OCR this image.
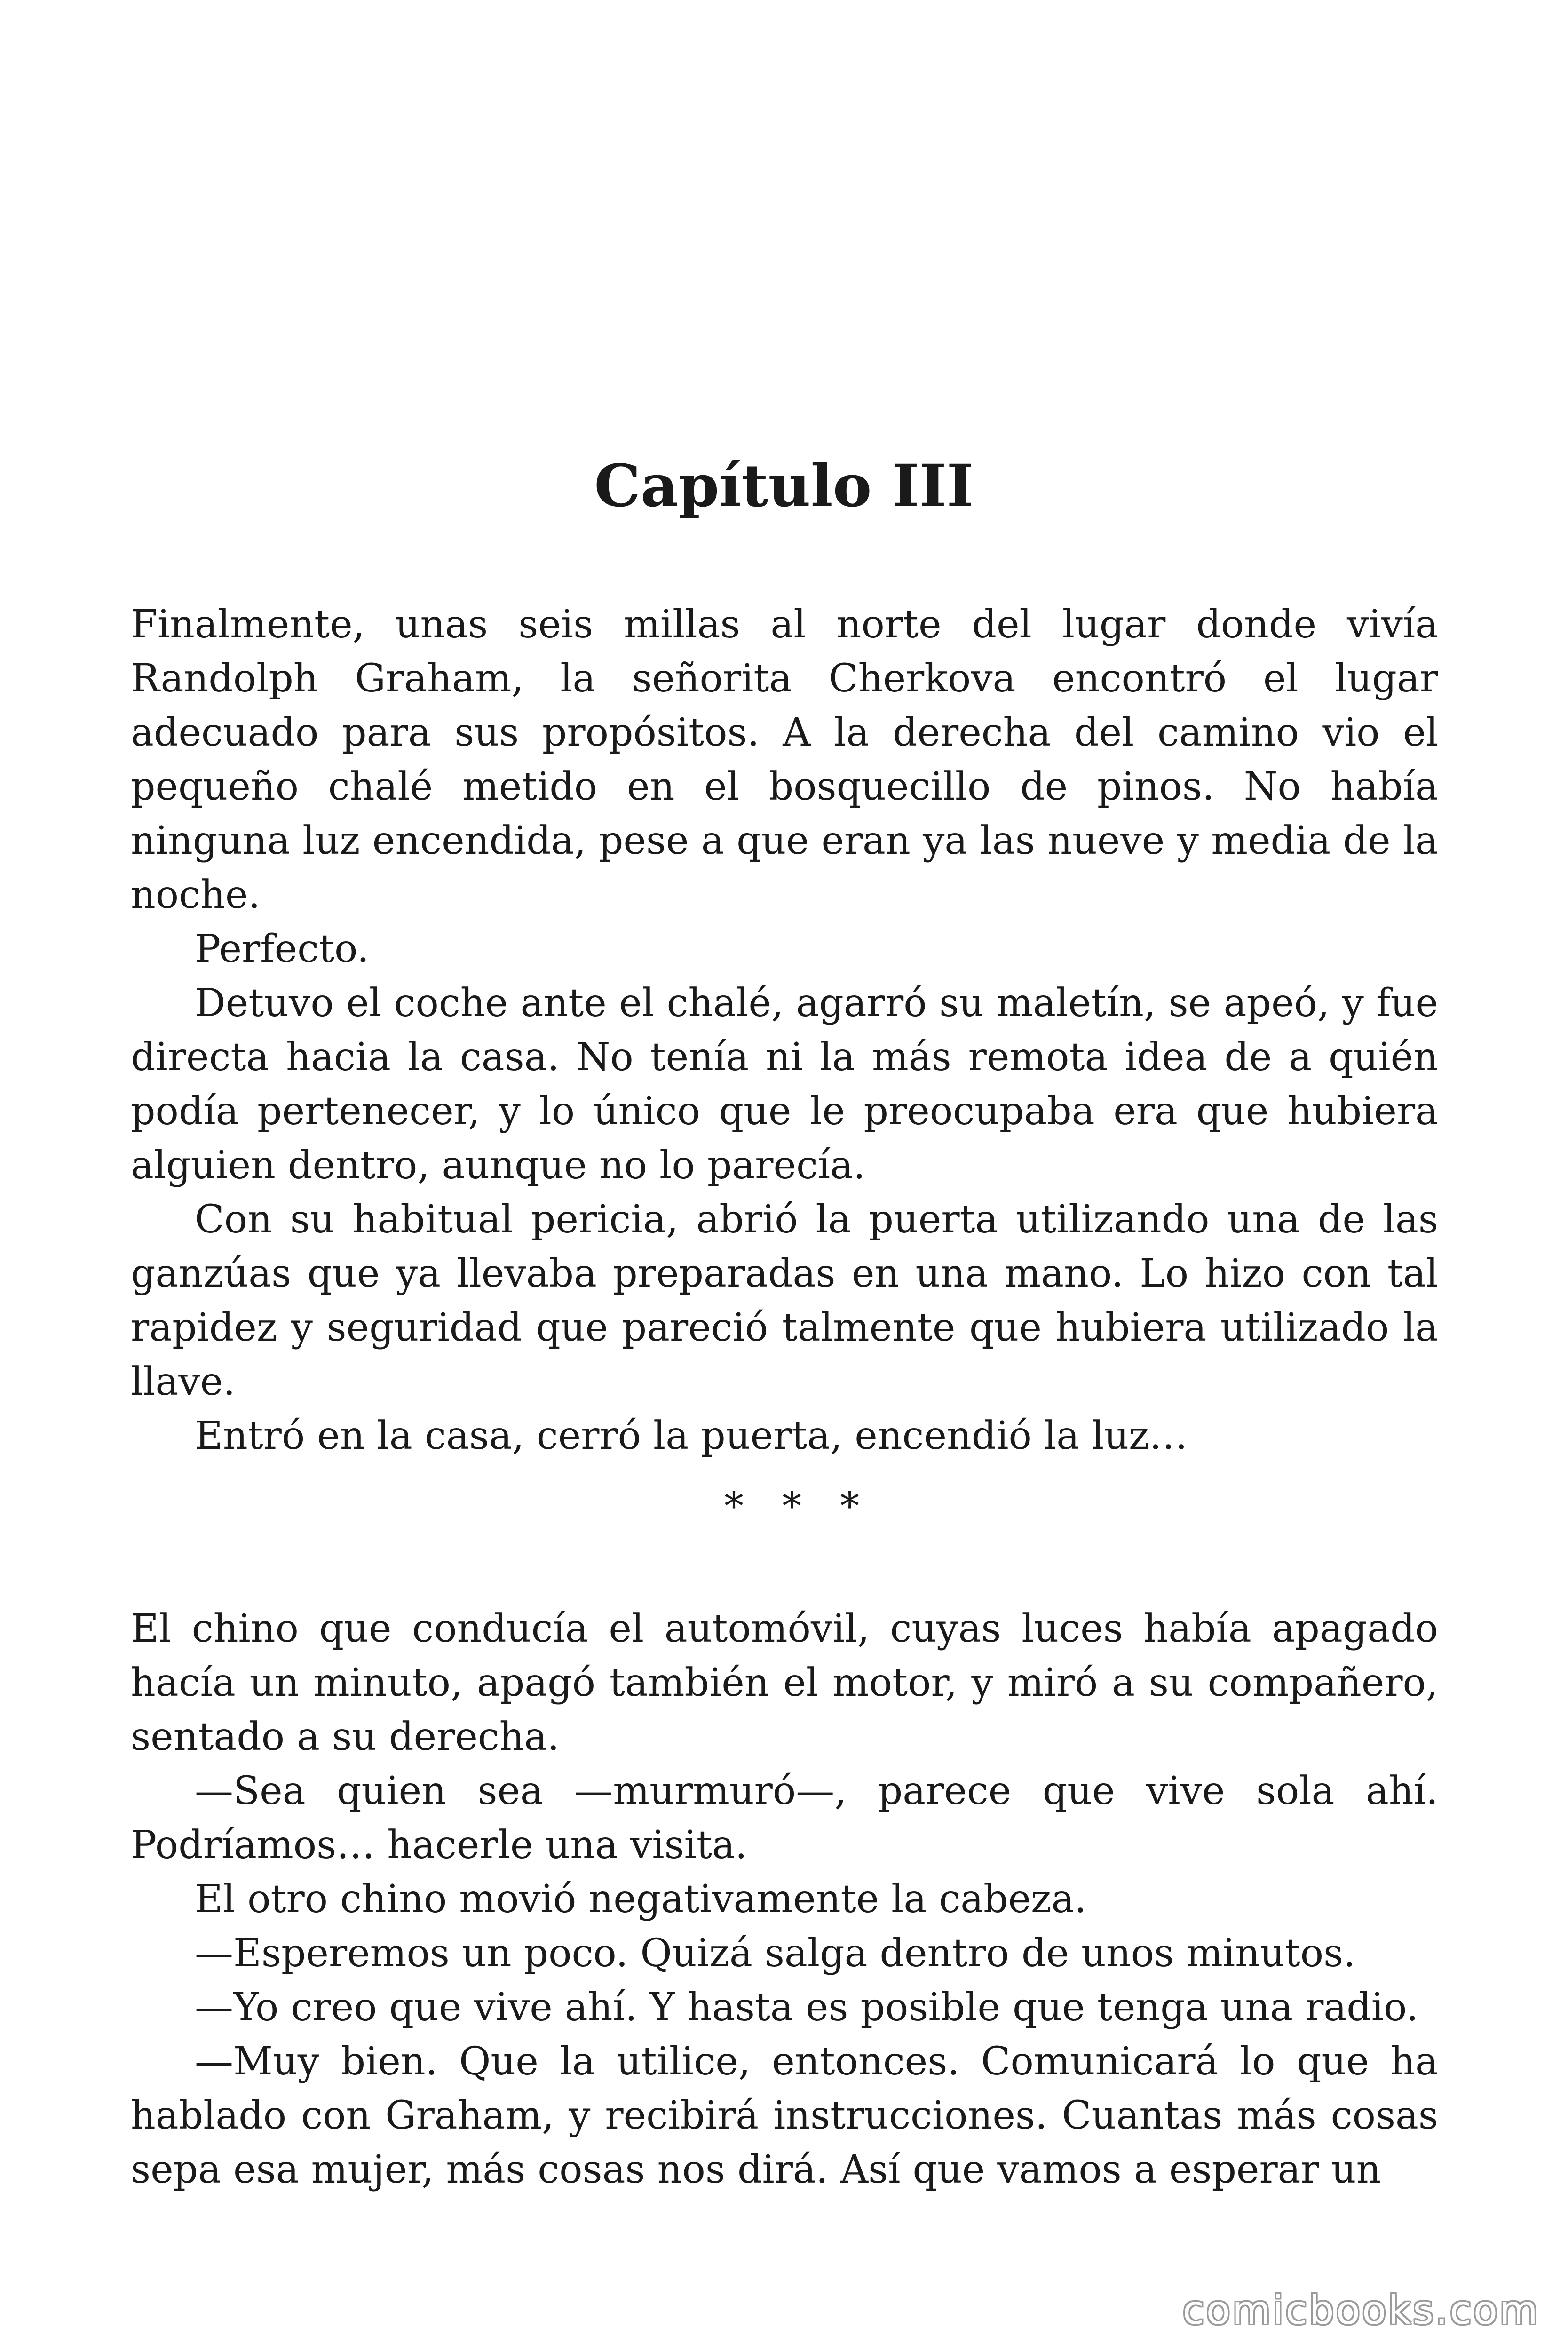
Capítulo III

Finalmente, unas seis millas al norte del lugar donde vivía Randolph Graham, la señorita Cherkova encontró el lugar adecuado para sus propósitos. A la derecha del camino vio el pequeño chalé metido en el bosquecillo de pinos. No había ninguna luz encendida, pese a que eran ya las nueve y media de la noche.

Perfecto.

Detuvo el coche ante el chalé, agarró su maletín, se apeó, y fue directa hacia la casa. No tenía ni la más remota idea de a quién podía pertenecer, y lo único que le preocupaba era que hubiera alguien dentro, aunque no lo parecía.

Con su habitual pericia, abrió la puerta utilizando una de las ganzúas que ya llevaba preparadas en una mano. Lo hizo con tal rapidez y seguridad que pareció talmente que hubiera utilizado la llave.

Entró en la casa, cerró la puerta, encendió la luz…

* * *

El chino que conducía el automóvil, cuyas luces había apagado hacía un minuto, apagó también el motor, y miró a su compañero, sentado a su derecha.

—Sea quien sea —murmuró—, parece que vive sola ahí. Podríamos… hacerle una visita.

El otro chino movió negativamente la cabeza.

—Esperemos un poco. Quizá salga dentro de unos minutos.

—Yo creo que vive ahí. Y hasta es posible que tenga una radio.

—Muy bien. Que la utilice, entonces. Comunicará lo que ha hablado con Graham, y recibirá instrucciones. Cuantas más cosas sepa esa mujer, más cosas nos dirá. Así que vamos a esperar un

comicbooks.com
